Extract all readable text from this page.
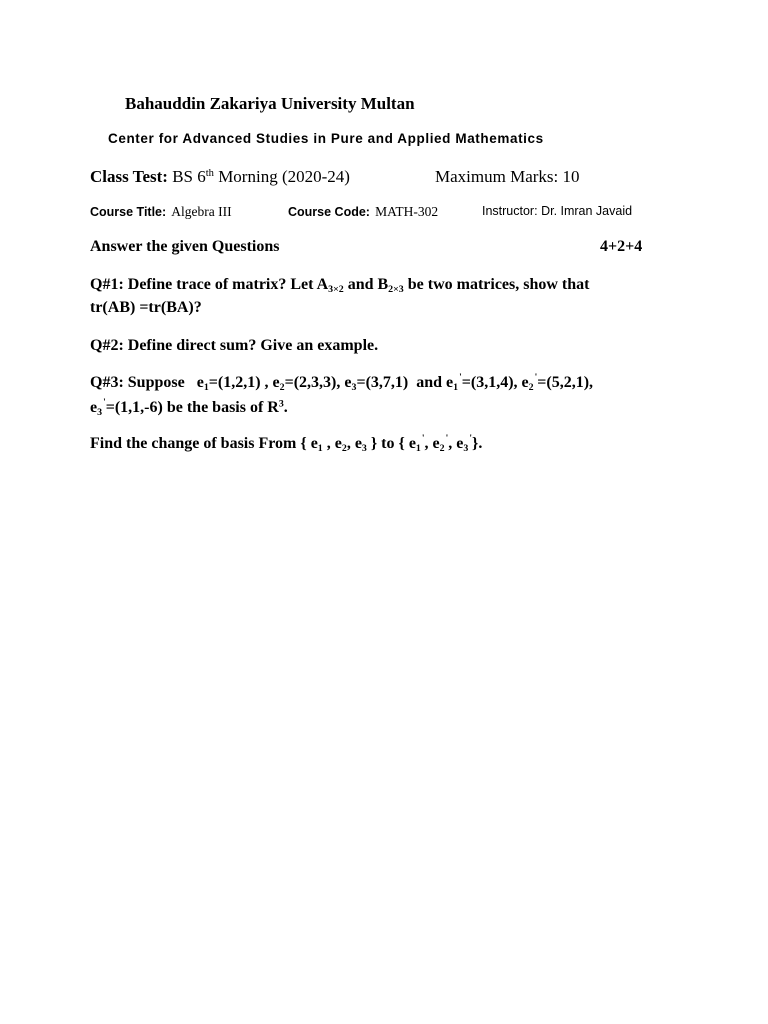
Bahauddin Zakariya University Multan
Center for Advanced Studies in Pure and Applied Mathematics
Class Test: BS 6th Morning (2020-24)	Maximum Marks: 10
Course Title: Algebra III	Course Code: MATH-302	Instructor: Dr. Imran Javaid
Answer the given Questions	4+2+4
Q#1: Define trace of matrix? Let $A_{3\times 2}$ and $B_{2\times 3}$ be two matrices, show that
tr(AB) =tr(BA)?
Q#2: Define direct sum? Give an example.
Q#3: Suppose $e_1=(1,2,1)$ , $e_2=(2,3,3)$, $e_3=(3,7,1)$ and $e_1'=(3,1,4)$, $e_2'=(5,2,1)$,
$e_3'=(1,1,-6)$ be the basis of $R^3$.
Find the change of basis From { $e_1$ , $e_2$, $e_3$ } to { $e_1'$, $e_2'$, $e_3'$}.
